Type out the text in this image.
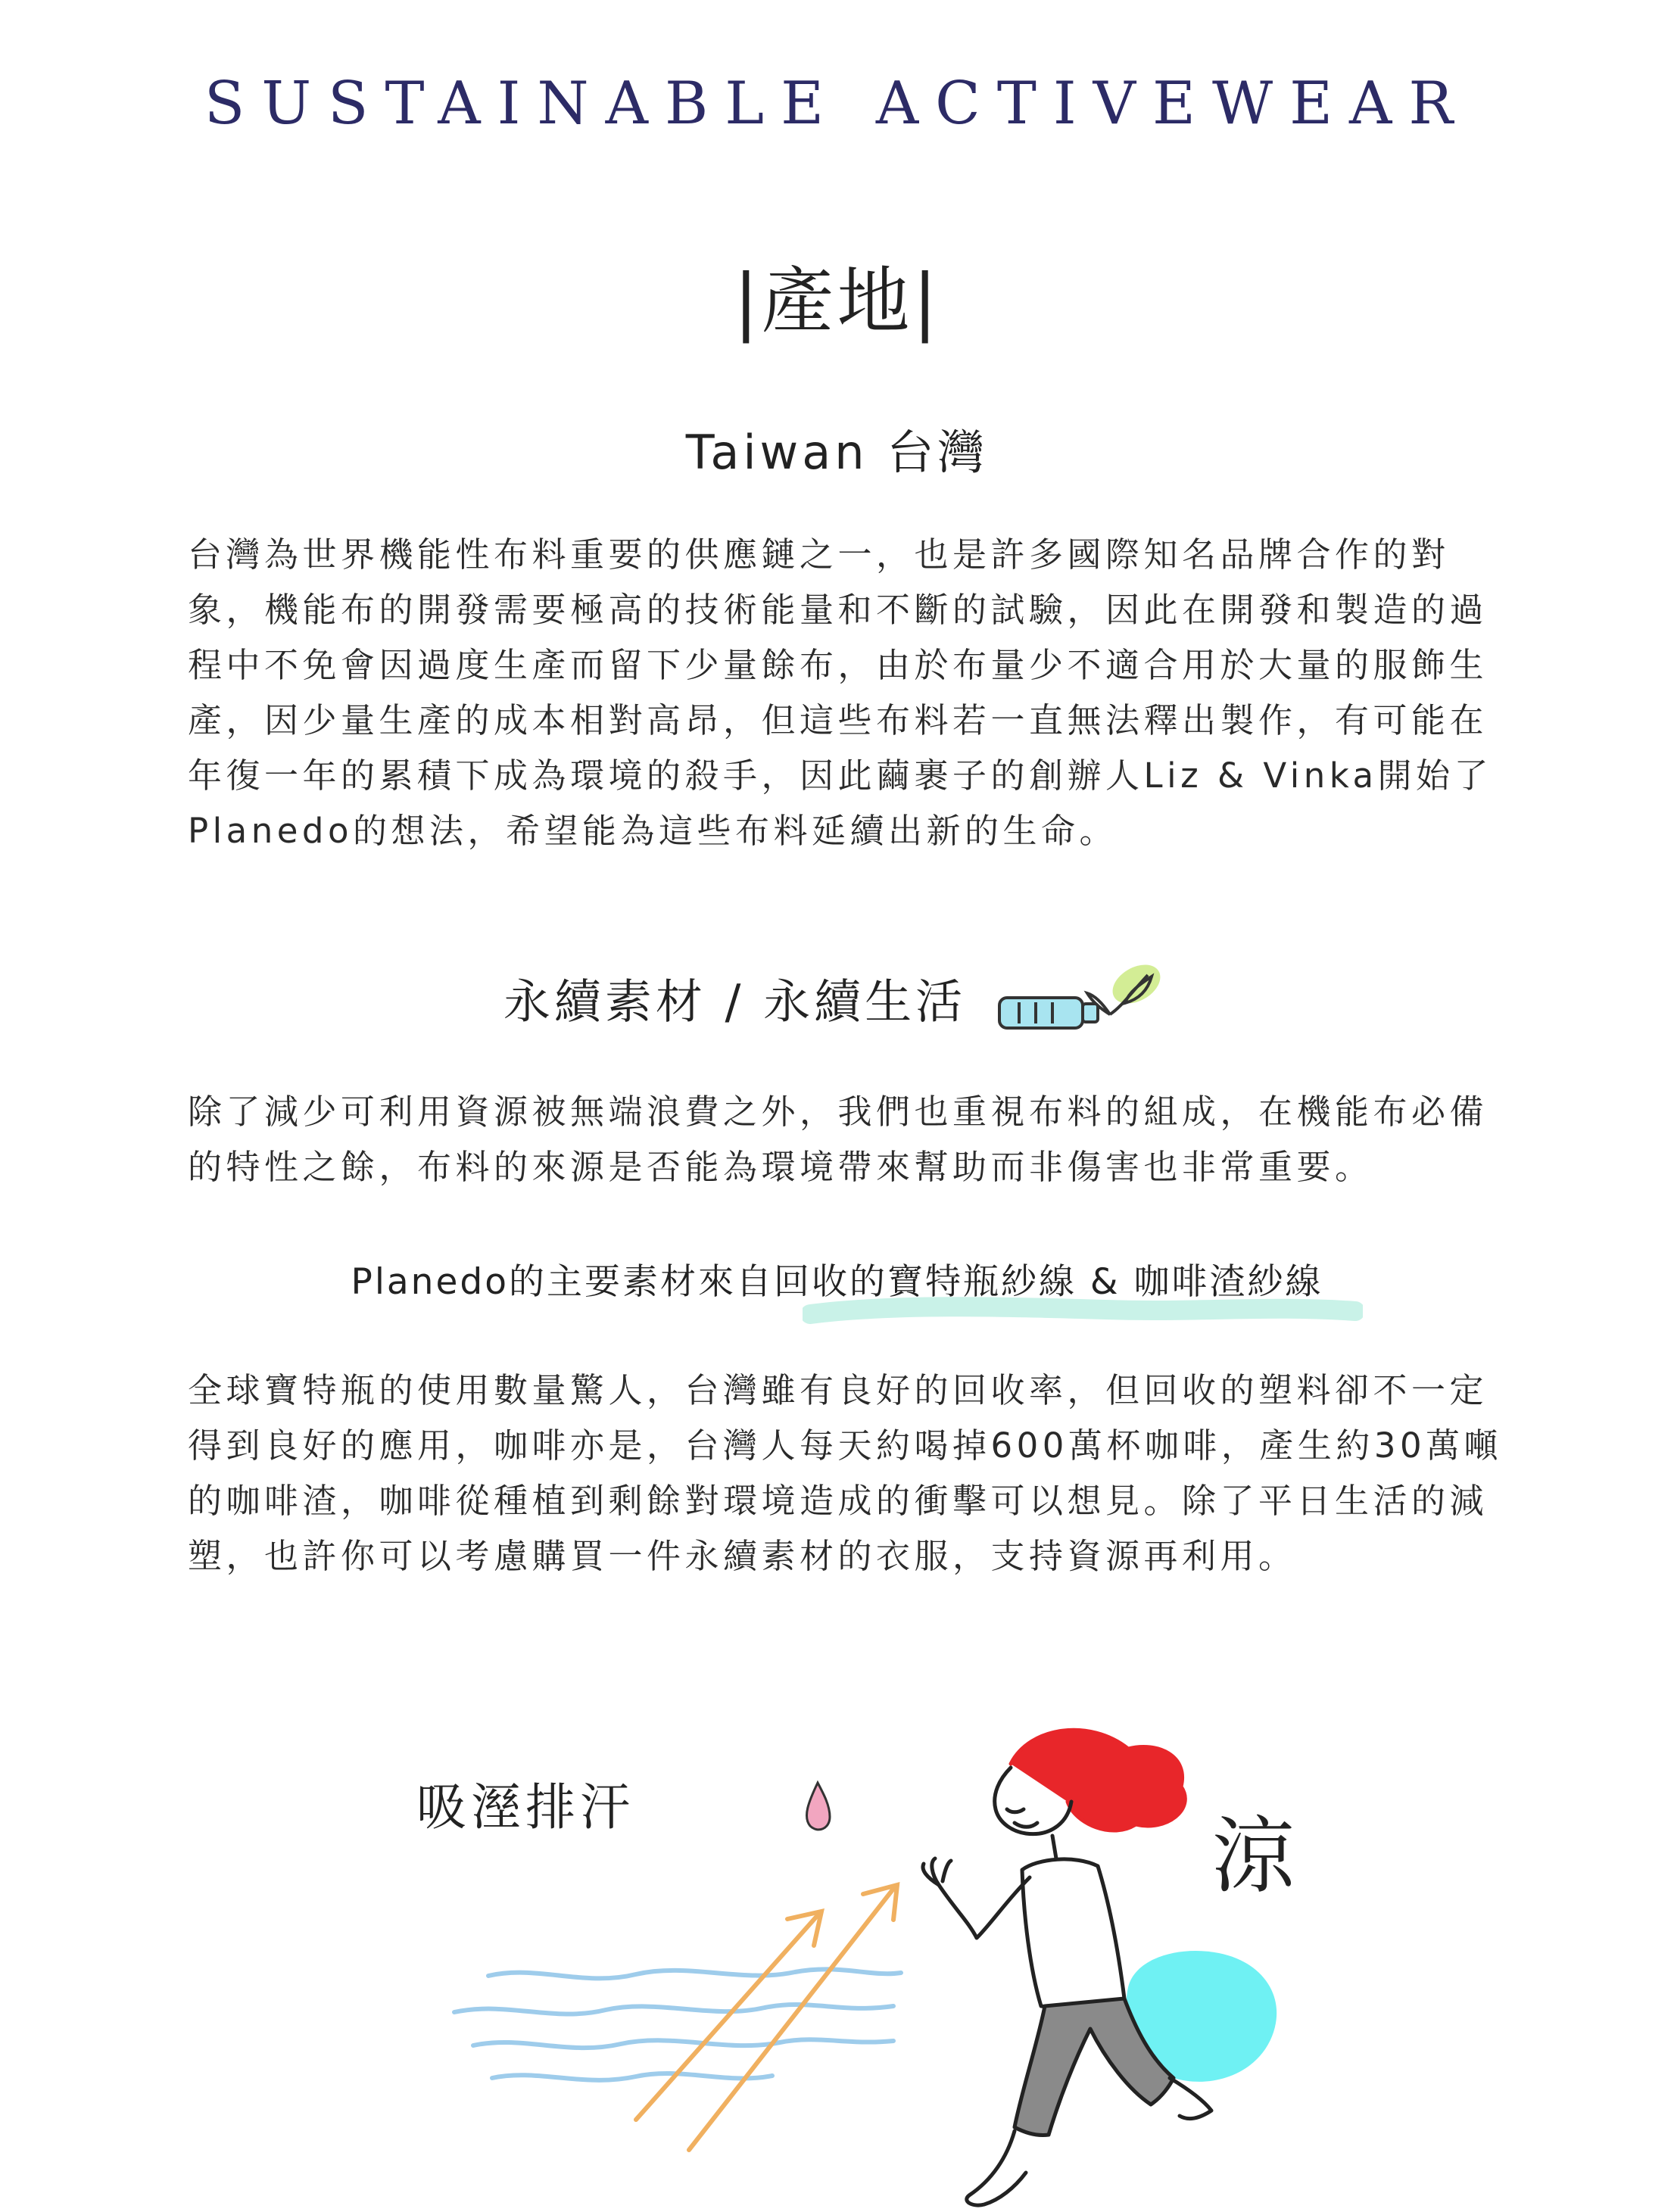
SUSTAINABLE ACTIVEWEAR
|產地|
Taiwan 台灣

台灣為世界機能性布料重要的供應鏈之一，也是許多國際知名品牌合作的對象，機能布的開發需要極高的技術能量和不斷的試驗，因此在開發和製造的過程中不免會因過度生產而留下少量餘布，由於布量少不適合用於大量的服飾生產，因少量生產的成本相對高昂，但這些布料若一直無法釋出製作，有可能在年復一年的累積下成為環境的殺手，因此繭裹子的創辦人Liz & Vinka開始了Planedo的想法，希望能為這些布料延續出新的生命。

永續素材 / 永續生活

除了減少可利用資源被無端浪費之外，我們也重視布料的組成，在機能布必備的特性之餘，布料的來源是否能為環境帶來幫助而非傷害也非常重要。

Planedo的主要素材來自回收的寶特瓶紗線 & 咖啡渣紗線

全球寶特瓶的使用數量驚人，台灣雖有良好的回收率，但回收的塑料卻不一定得到良好的應用，咖啡亦是，台灣人每天約喝掉600萬杯咖啡，產生約30萬噸的咖啡渣，咖啡從種植到剩餘對環境造成的衝擊可以想見。除了平日生活的減塑，也許你可以考慮購買一件永續素材的衣服，支持資源再利用。

吸溼排汗
涼
